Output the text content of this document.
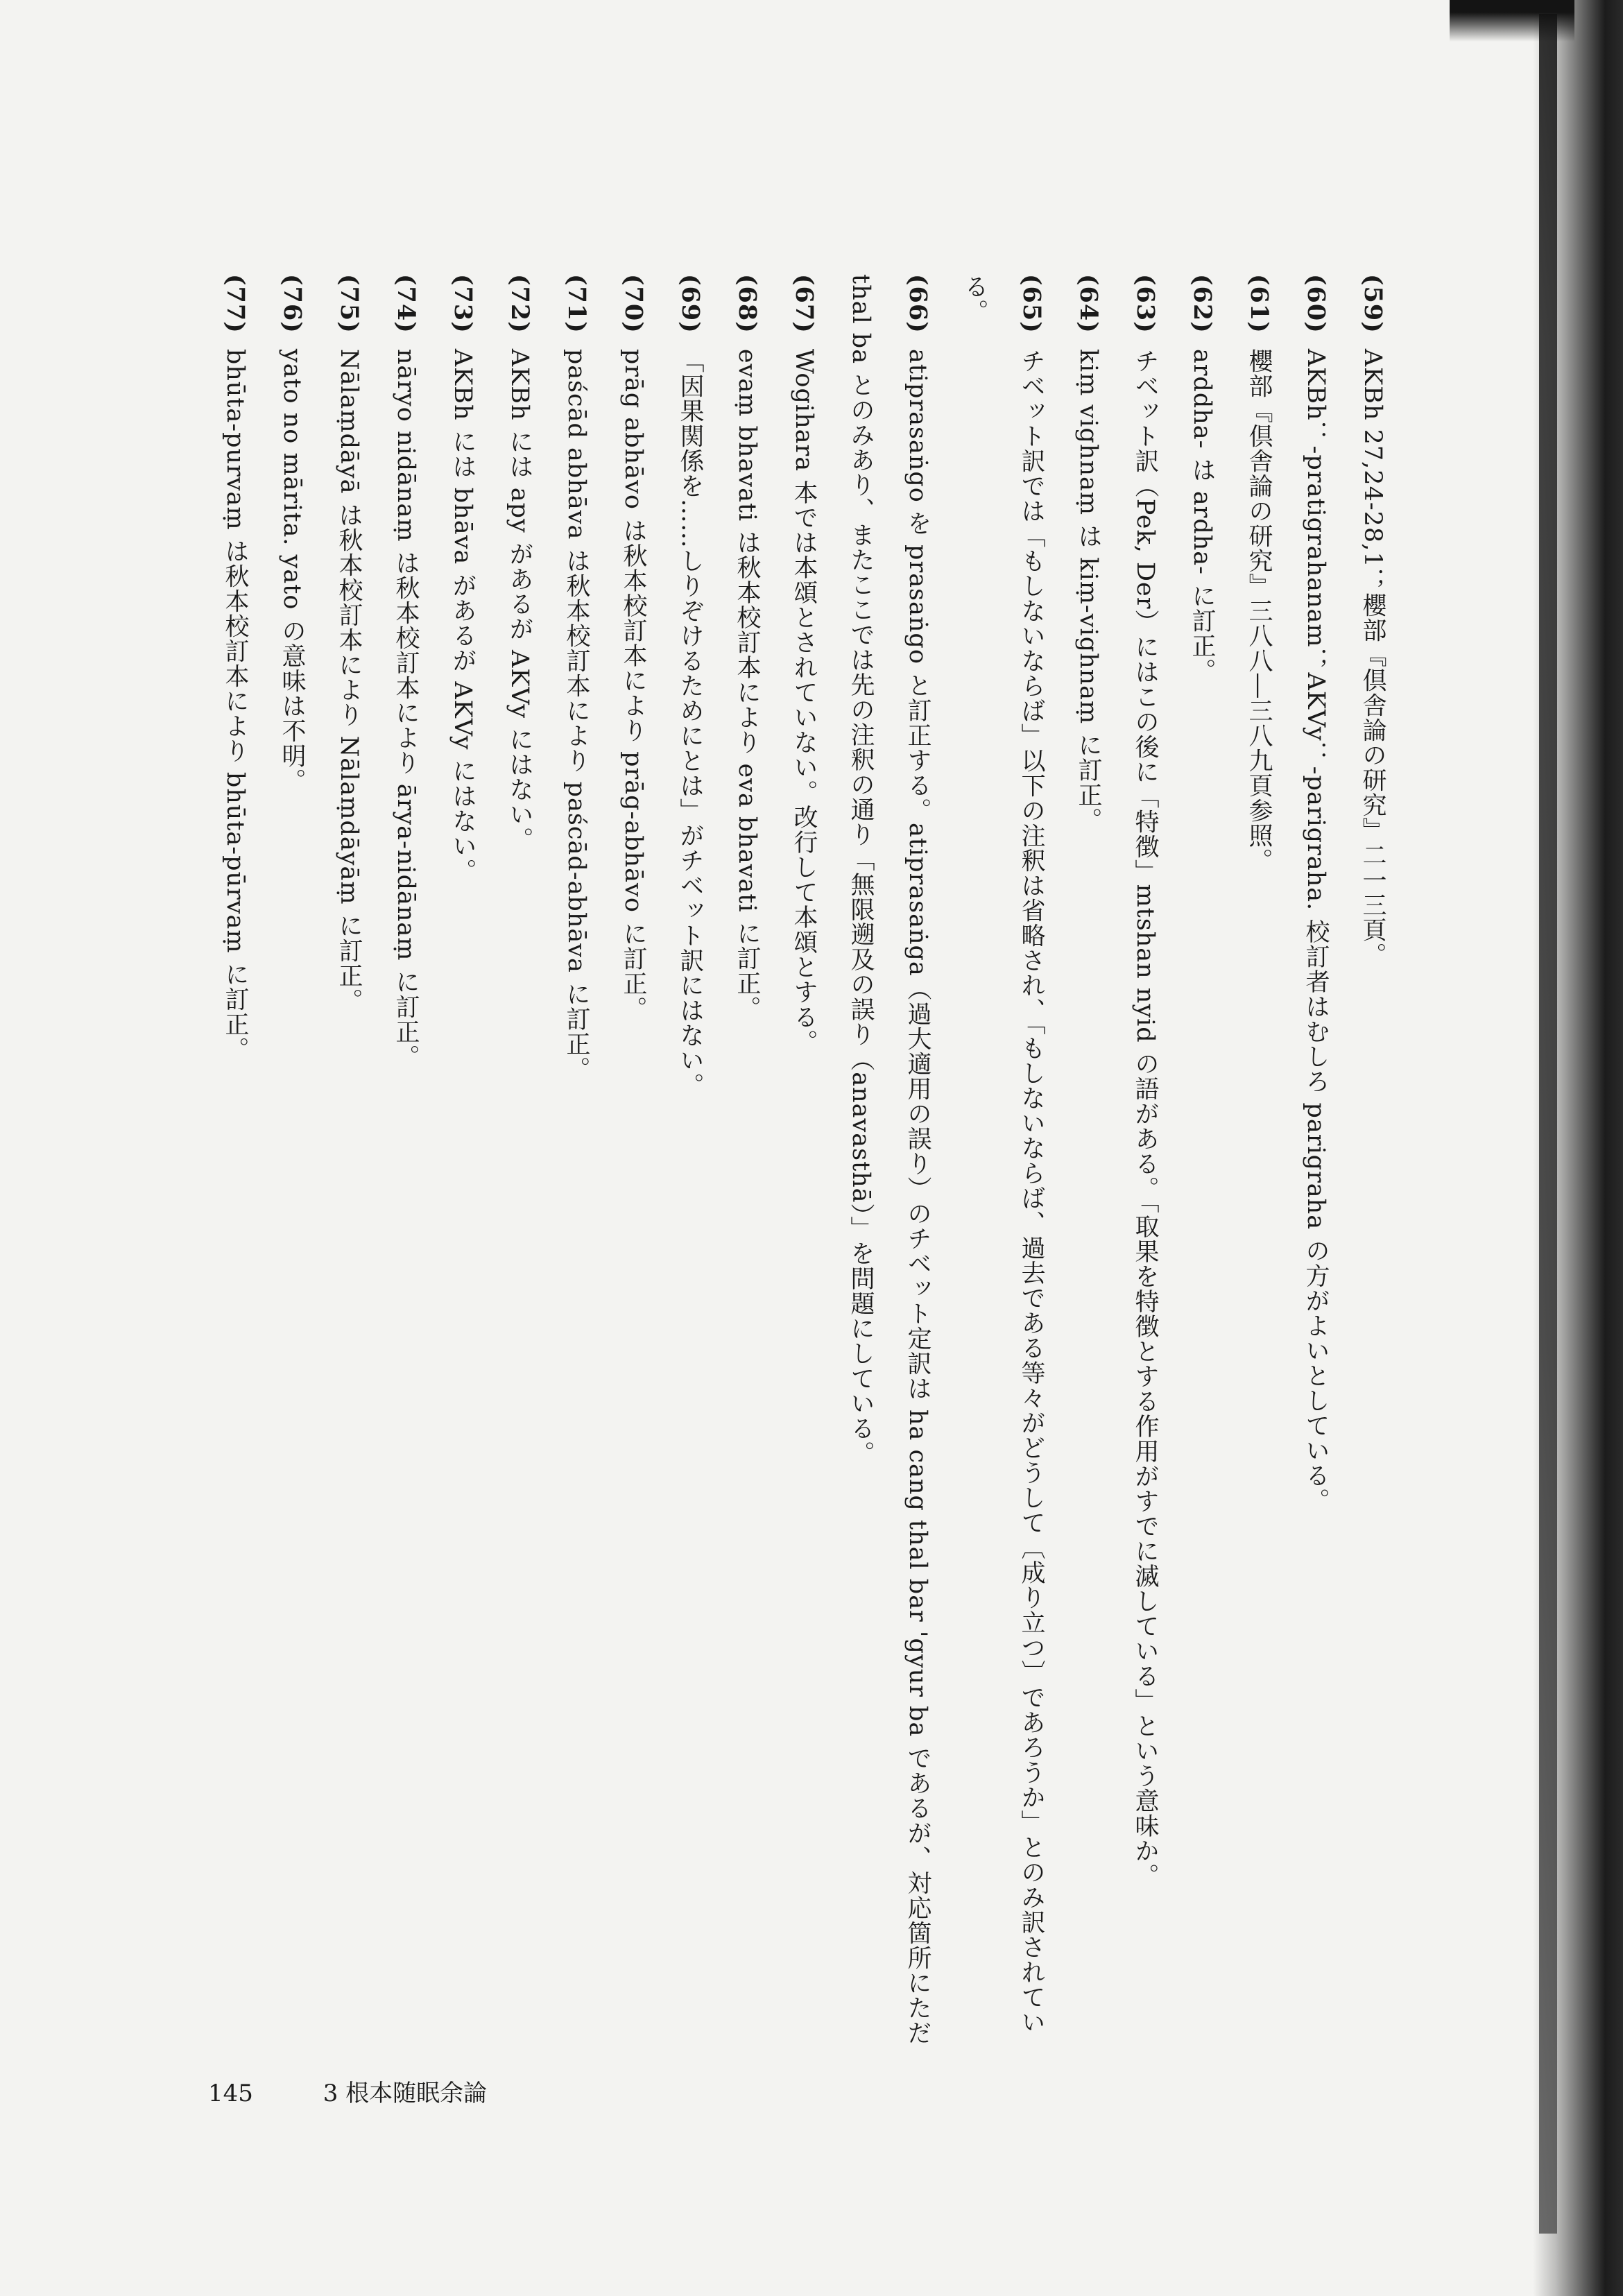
(59)AKBh 27,24-28,1；櫻部『倶舎論の研究』二一三頁。

(60)AKBh：-pratigrahanam；AKVy：-parigraha. 校訂者はむしろ parigraha の方がよいとしている。

(61)櫻部『倶舎論の研究』三八八―三八九頁参照。

(62)arddha- は ardha- に訂正。

(63)チベット訳（Pek, Der）にはこの後に「特徴」mtshan nyid の語がある。「取果を特徴とする作用がすでに滅している」という意味か。

(64)kiṃ vighnaṃ は kiṃ-vighnaṃ に訂正。

(65)チベット訳では「もしないならば」以下の注釈は省略され、「もしないならば、過去である等々がどうして〔成り立つ〕であろうか」とのみ訳されている。

(66)atiprasaṅgo を prasaṅgo と訂正する。atiprasaṅga（過大適用の誤り）のチベット定訳は ha cang thal bar 'gyur ba であるが、対応箇所にただ thal ba とのみあり、またここでは先の注釈の通り「無限遡及の誤り（anavasthā）」を問題にしている。

(67)Wogihara 本では本頌とされていない。改行して本頌とする。

(68)evaṃ bhavati は秋本校訂本により eva bhavati に訂正。

(69)「因果関係を……しりぞけるためにとは」がチベット訳にはない。

(70)prāg abhāvo は秋本校訂本により prāg-abhāvo に訂正。

(71)paścād abhāva は秋本校訂本により paścād-abhāva に訂正。

(72)AKBh には apy があるが AKVy にはない。

(73)AKBh には bhāva があるが AKVy にはない。

(74)nāryo nidānaṃ は秋本校訂本により ārya-nidānaṃ に訂正。

(75)Nālaṃdāyā は秋本校訂本により Nālaṃdāyāṃ に訂正。

(76)yato no mārita. yato の意味は不明。

(77)bhūta-purvaṃ は秋本校訂本により bhūta-pūrvaṃ に訂正。

145	3 根本随眠余論
